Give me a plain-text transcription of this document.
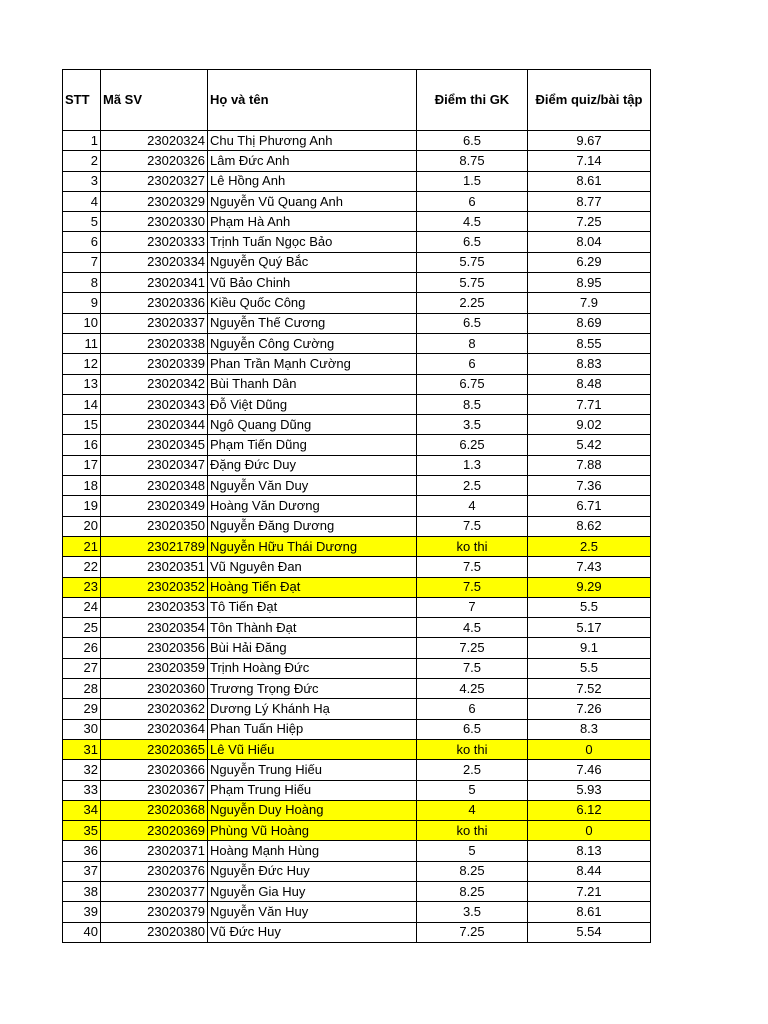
STT	Mã SV	Họ và tên	Điểm thi GK	Điểm quiz/bài tập
1	23020324	Chu Thị Phương Anh	6.5	9.67
2	23020326	Lâm Đức Anh	8.75	7.14
3	23020327	Lê Hồng Anh	1.5	8.61
4	23020329	Nguyễn Vũ Quang Anh	6	8.77
5	23020330	Phạm Hà Anh	4.5	7.25
6	23020333	Trịnh Tuấn Ngọc Bảo	6.5	8.04
7	23020334	Nguyễn Quý Bắc	5.75	6.29
8	23020341	Vũ Bảo Chinh	5.75	8.95
9	23020336	Kiều Quốc Công	2.25	7.9
10	23020337	Nguyễn Thế Cương	6.5	8.69
11	23020338	Nguyễn Công Cường	8	8.55
12	23020339	Phan Trần Mạnh Cường	6	8.83
13	23020342	Bùi Thanh Dân	6.75	8.48
14	23020343	Đỗ Việt Dũng	8.5	7.71
15	23020344	Ngô Quang Dũng	3.5	9.02
16	23020345	Phạm Tiến Dũng	6.25	5.42
17	23020347	Đặng Đức Duy	1.3	7.88
18	23020348	Nguyễn Văn Duy	2.5	7.36
19	23020349	Hoàng Văn Dương	4	6.71
20	23020350	Nguyễn Đăng Dương	7.5	8.62
21	23021789	Nguyễn Hữu Thái Dương	ko thi	2.5
22	23020351	Vũ Nguyên Đan	7.5	7.43
23	23020352	Hoàng Tiến Đạt	7.5	9.29
24	23020353	Tô Tiến Đạt	7	5.5
25	23020354	Tôn Thành Đạt	4.5	5.17
26	23020356	Bùi Hải Đăng	7.25	9.1
27	23020359	Trịnh Hoàng Đức	7.5	5.5
28	23020360	Trương Trọng Đức	4.25	7.52
29	23020362	Dương Lý Khánh Hạ	6	7.26
30	23020364	Phan Tuấn Hiệp	6.5	8.3
31	23020365	Lê Vũ Hiếu	ko thi	0
32	23020366	Nguyễn Trung Hiếu	2.5	7.46
33	23020367	Phạm Trung Hiếu	5	5.93
34	23020368	Nguyễn Duy Hoàng	4	6.12
35	23020369	Phùng Vũ Hoàng	ko thi	0
36	23020371	Hoàng Mạnh Hùng	5	8.13
37	23020376	Nguyễn Đức Huy	8.25	8.44
38	23020377	Nguyễn Gia Huy	8.25	7.21
39	23020379	Nguyễn Văn Huy	3.5	8.61
40	23020380	Vũ Đức Huy	7.25	5.54
